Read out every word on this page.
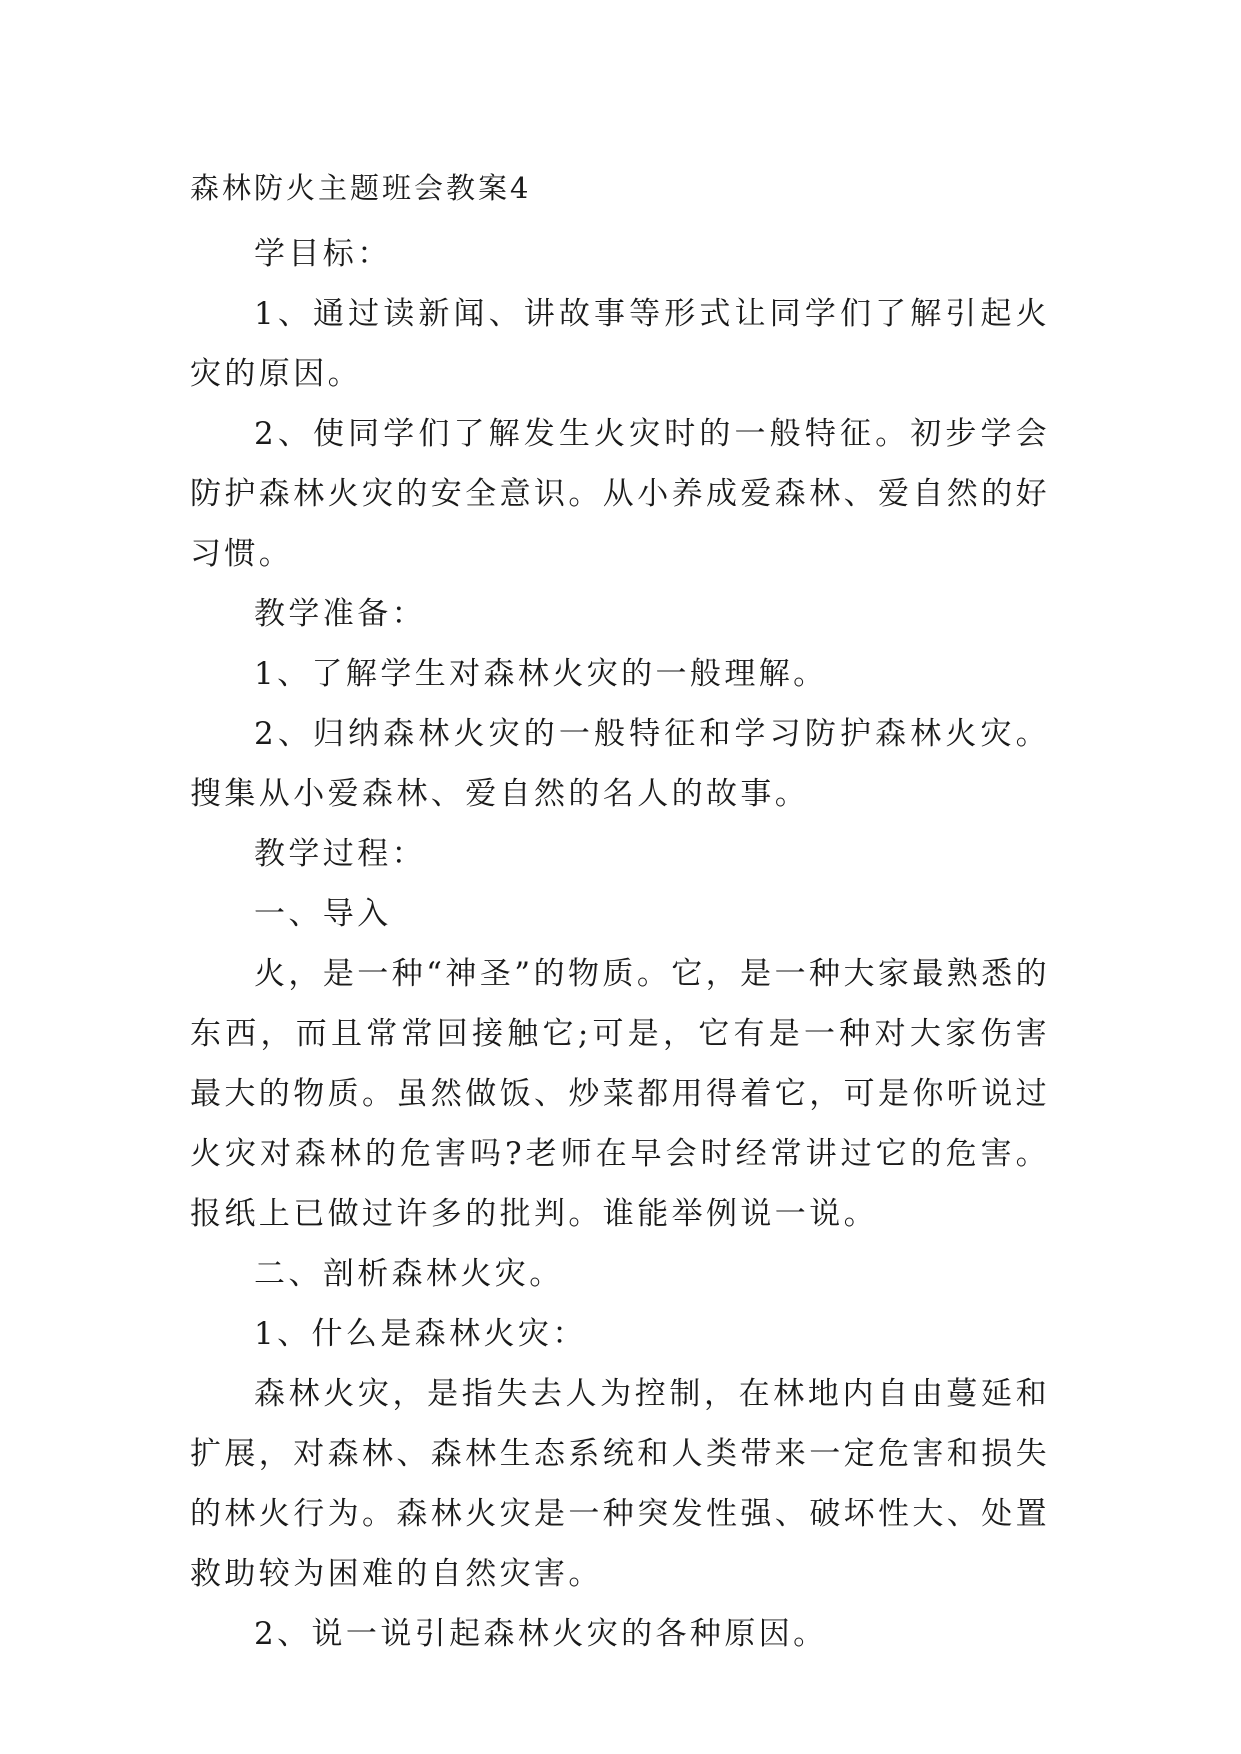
森林防火主题班会教案4

学目标：

1、通过读新闻、讲故事等形式让同学们了解引起火灾的原因。

2、使同学们了解发生火灾时的一般特征。初步学会防护森林火灾的安全意识。从小养成爱森林、爱自然的好习惯。

教学准备：

1、了解学生对森林火灾的一般理解。

2、归纳森林火灾的一般特征和学习防护森林火灾。搜集从小爱森林、爱自然的名人的故事。

教学过程：

一、导入

火，是一种“神圣”的物质。它，是一种大家最熟悉的东西，而且常常回接触它;可是，它有是一种对大家伤害最大的物质。虽然做饭、炒菜都用得着它，可是你听说过火灾对森林的危害吗?老师在早会时经常讲过它的危害。报纸上已做过许多的批判。谁能举例说一说。

二、剖析森林火灾。

1、什么是森林火灾：

森林火灾，是指失去人为控制，在林地内自由蔓延和扩展，对森林、森林生态系统和人类带来一定危害和损失的林火行为。森林火灾是一种突发性强、破坏性大、处置救助较为困难的自然灾害。

2、说一说引起森林火灾的各种原因。
